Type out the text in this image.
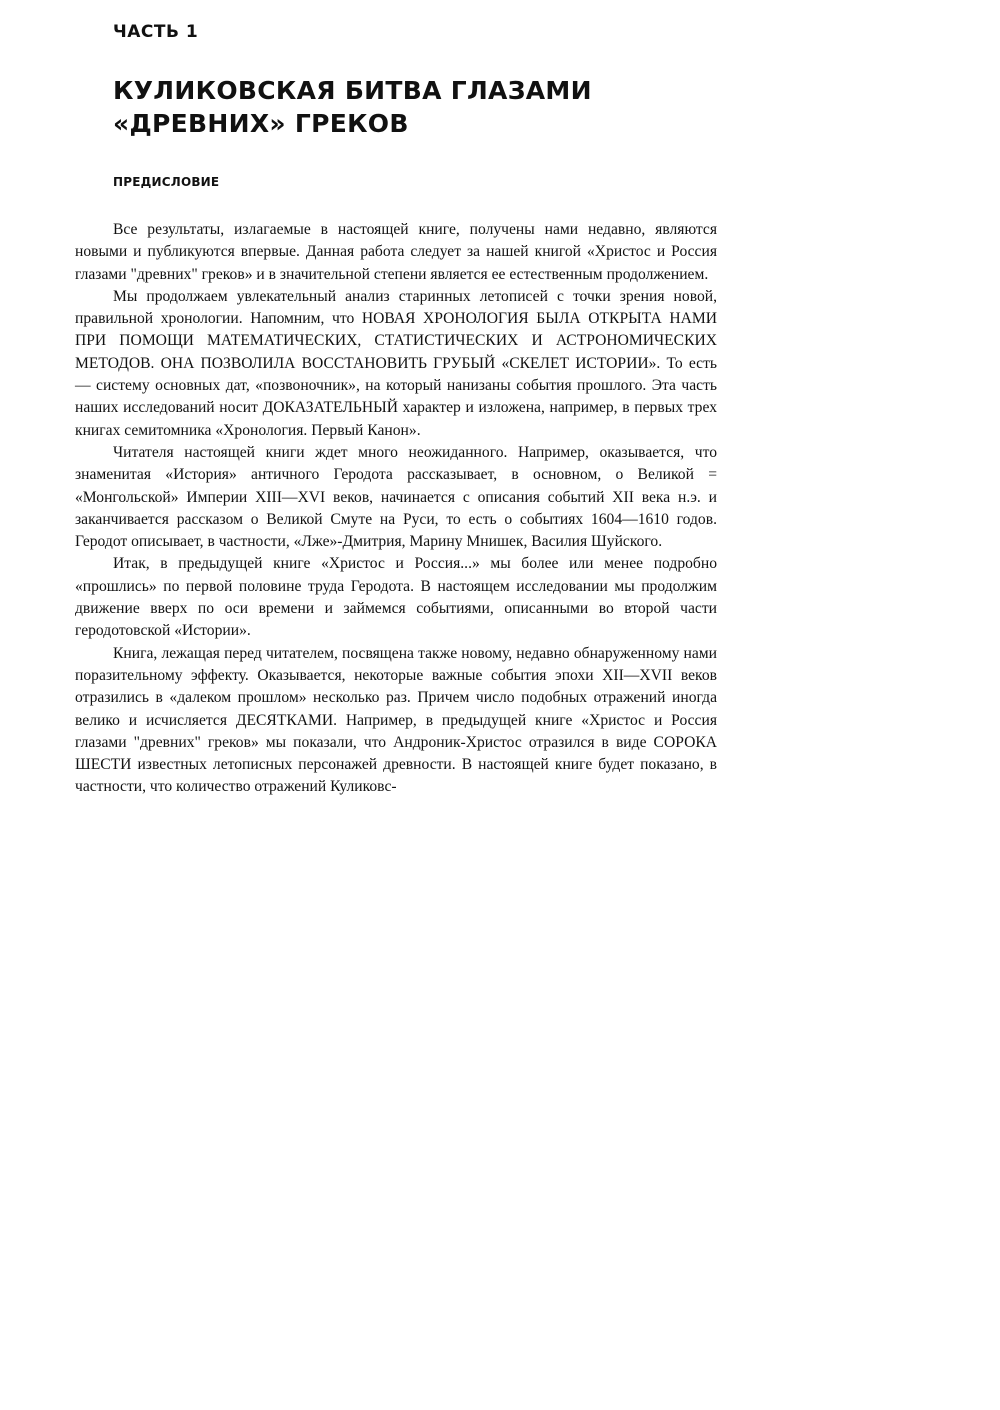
ЧАСТЬ 1
КУЛИКОВСКАЯ БИТВА ГЛАЗАМИ
«ДРЕВНИХ» ГРЕКОВ
ПРЕДИСЛОВИЕ

Все результаты, излагаемые в настоящей книге, получены нами недавно, являются новыми и публикуются впервые. Данная работа следует за нашей книгой «Христос и Россия глазами "древних" греков» и в значительной степени является ее естественным продолжением.

Мы продолжаем увлекательный анализ старинных летописей с точки зрения новой, правильной хронологии. Напомним, что НОВАЯ ХРОНОЛОГИЯ БЫЛА ОТКРЫТА НАМИ ПРИ ПОМОЩИ МАТЕМАТИЧЕСКИХ, СТАТИСТИЧЕСКИХ И АСТРОНОМИЧЕСКИХ МЕТОДОВ. ОНА ПОЗВОЛИЛА ВОССТАНОВИТЬ ГРУБЫЙ «СКЕЛЕТ ИСТОРИИ». То есть — систему основных дат, «позвоночник», на который нанизаны события прошлого. Эта часть наших исследований носит ДОКАЗАТЕЛЬНЫЙ характер и изложена, например, в первых трех книгах семитомника «Хронология. Первый Канон».

Читателя настоящей книги ждет много неожиданного. Например, оказывается, что знаменитая «История» античного Геродота рассказывает, в основном, о Великой = «Монгольской» Империи XIII—XVI веков, начинается с описания событий XII века н.э. и заканчивается рассказом о Великой Смуте на Руси, то есть о событиях 1604—1610 годов. Геродот описывает, в частности, «Лже»-Дмитрия, Марину Мнишек, Василия Шуйского.

Итак, в предыдущей книге «Христос и Россия...» мы более или менее подробно «прошлись» по первой половине труда Геродота. В настоящем исследовании мы продолжим движение вверх по оси времени и займемся событиями, описанными во второй части геродотовской «Истории».

Книга, лежащая перед читателем, посвящена также новому, недавно обнаруженному нами поразительному эффекту. Оказывается, некоторые важные события эпохи XII—XVII веков отразились в «далеком прошлом» несколько раз. Причем число подобных отражений иногда велико и исчисляется ДЕСЯТКАМИ. Например, в предыдущей книге «Христос и Россия глазами "древних" греков» мы показали, что Андроник-Христос отразился в виде СОРОКА ШЕСТИ известных летописных персонажей древности. В настоящей книге будет показано, в частности, что количество отражений Куликовс-
